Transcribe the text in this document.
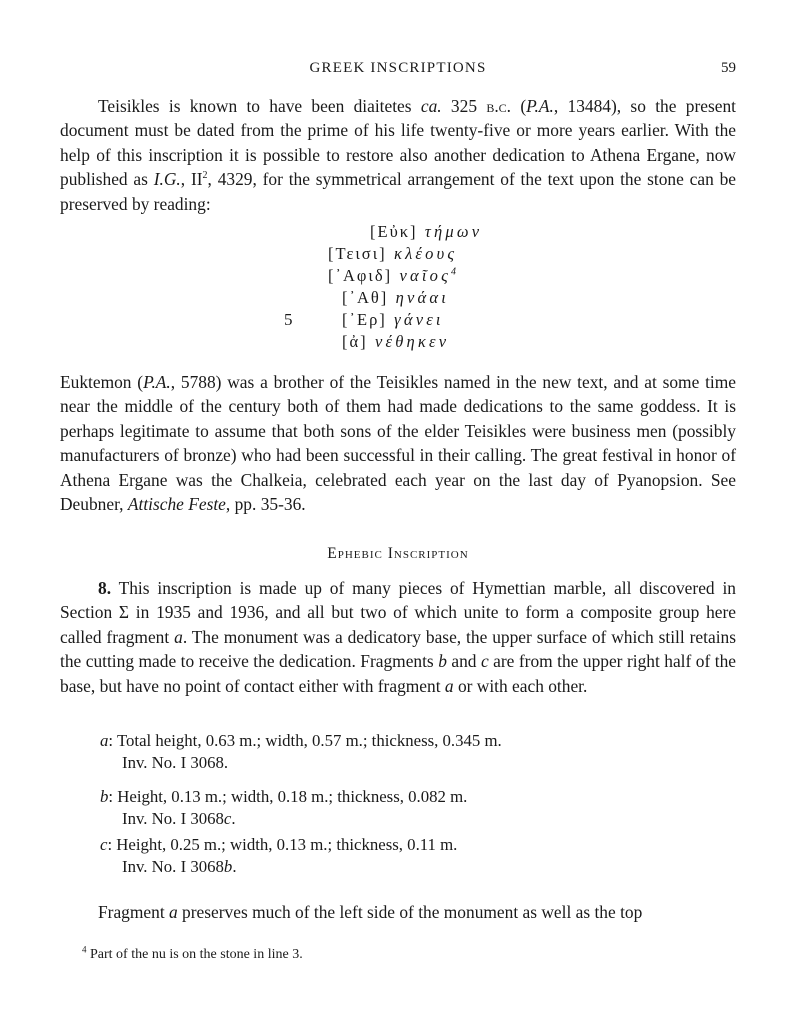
GREEK INSCRIPTIONS	59

Teisikles is known to have been diaitetes ca. 325 b.c. (P.A., 13484), so the present document must be dated from the prime of his life twenty-five or more years earlier. With the help of this inscription it is possible to restore also another dedication to Athena Ergane, now published as I.G., $II^2$, 4329, for the symmetrical arrangement of the text upon the stone can be preserved by reading:

[Εὐκ] τήμων
[Τεισι] κλέους
[᾿Αφιδ] ναῖος$^4$
[᾿Αθ] ηνάαι
5	[᾿Ερ] γάνει
[ἀ] νέθηκεν

Euktemon (P.A., 5788) was a brother of the Teisikles named in the new text, and at some time near the middle of the century both of them had made dedications to the same goddess. It is perhaps legitimate to assume that both sons of the elder Teisikles were business men (possibly manufacturers of bronze) who had been successful in their calling. The great festival in honor of Athena Ergane was the Chalkeia, celebrated each year on the last day of Pyanopsion. See Deubner, Attische Feste, pp. 35-36.

Ephebic Inscription

8. This inscription is made up of many pieces of Hymettian marble, all discovered in Section Σ in 1935 and 1936, and all but two of which unite to form a composite group here called fragment a. The monument was a dedicatory base, the upper surface of which still retains the cutting made to receive the dedication. Fragments b and c are from the upper right half of the base, but have no point of contact either with fragment a or with each other.

a: Total height, 0.63 m.; width, 0.57 m.; thickness, 0.345 m.
Inv. No. I 3068.
b: Height, 0.13 m.; width, 0.18 m.; thickness, 0.082 m.
Inv. No. I 3068c.
c: Height, 0.25 m.; width, 0.13 m.; thickness, 0.11 m.
Inv. No. I 3068b.

Fragment a preserves much of the left side of the monument as well as the top

$^4$ Part of the nu is on the stone in line 3.
